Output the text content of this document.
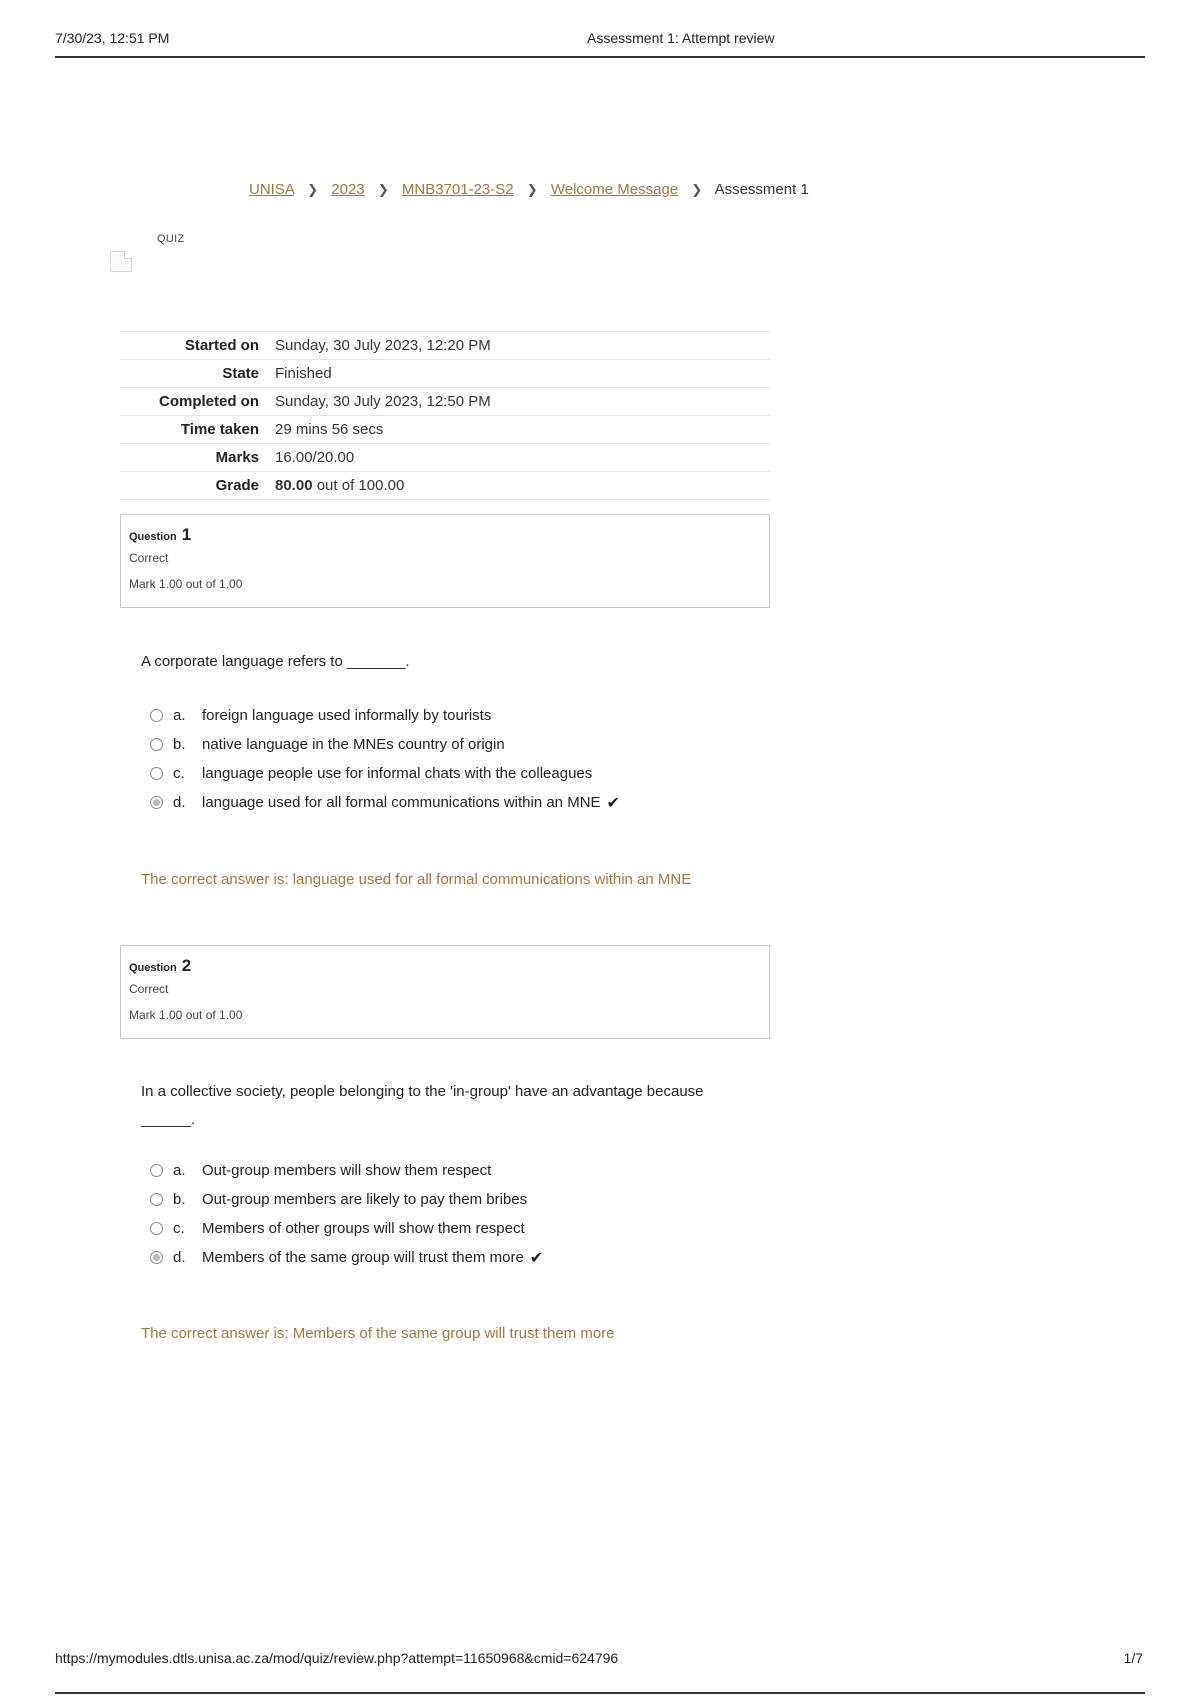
7/30/23, 12:51 PM	Assessment 1: Attempt review
UNISA ❯ 2023 ❯ MNB3701-23-S2 ❯ Welcome Message ❯ Assessment 1
QUIZ
Started on	Sunday, 30 July 2023, 12:20 PM
State	Finished
Completed on	Sunday, 30 July 2023, 12:50 PM
Time taken	29 mins 56 secs
Marks	16.00/20.00
Grade	80.00 out of 100.00
Question 1
Correct
Mark 1.00 out of 1.00
A corporate language refers to _______.
a.	foreign language used informally by tourists
b.	native language in the MNEs country of origin
c.	language people use for informal chats with the colleagues
d.	language used for all formal communications within an MNE ✔
The correct answer is: language used for all formal communications within an MNE
Question 2
Correct
Mark 1.00 out of 1.00
In a collective society, people belonging to the 'in-group' have an advantage because
______.
a.	Out-group members will show them respect
b.	Out-group members are likely to pay them bribes
c.	Members of other groups will show them respect
d.	Members of the same group will trust them more ✔
The correct answer is: Members of the same group will trust them more
https://mymodules.dtls.unisa.ac.za/mod/quiz/review.php?attempt=11650968&cmid=624796	1/7
